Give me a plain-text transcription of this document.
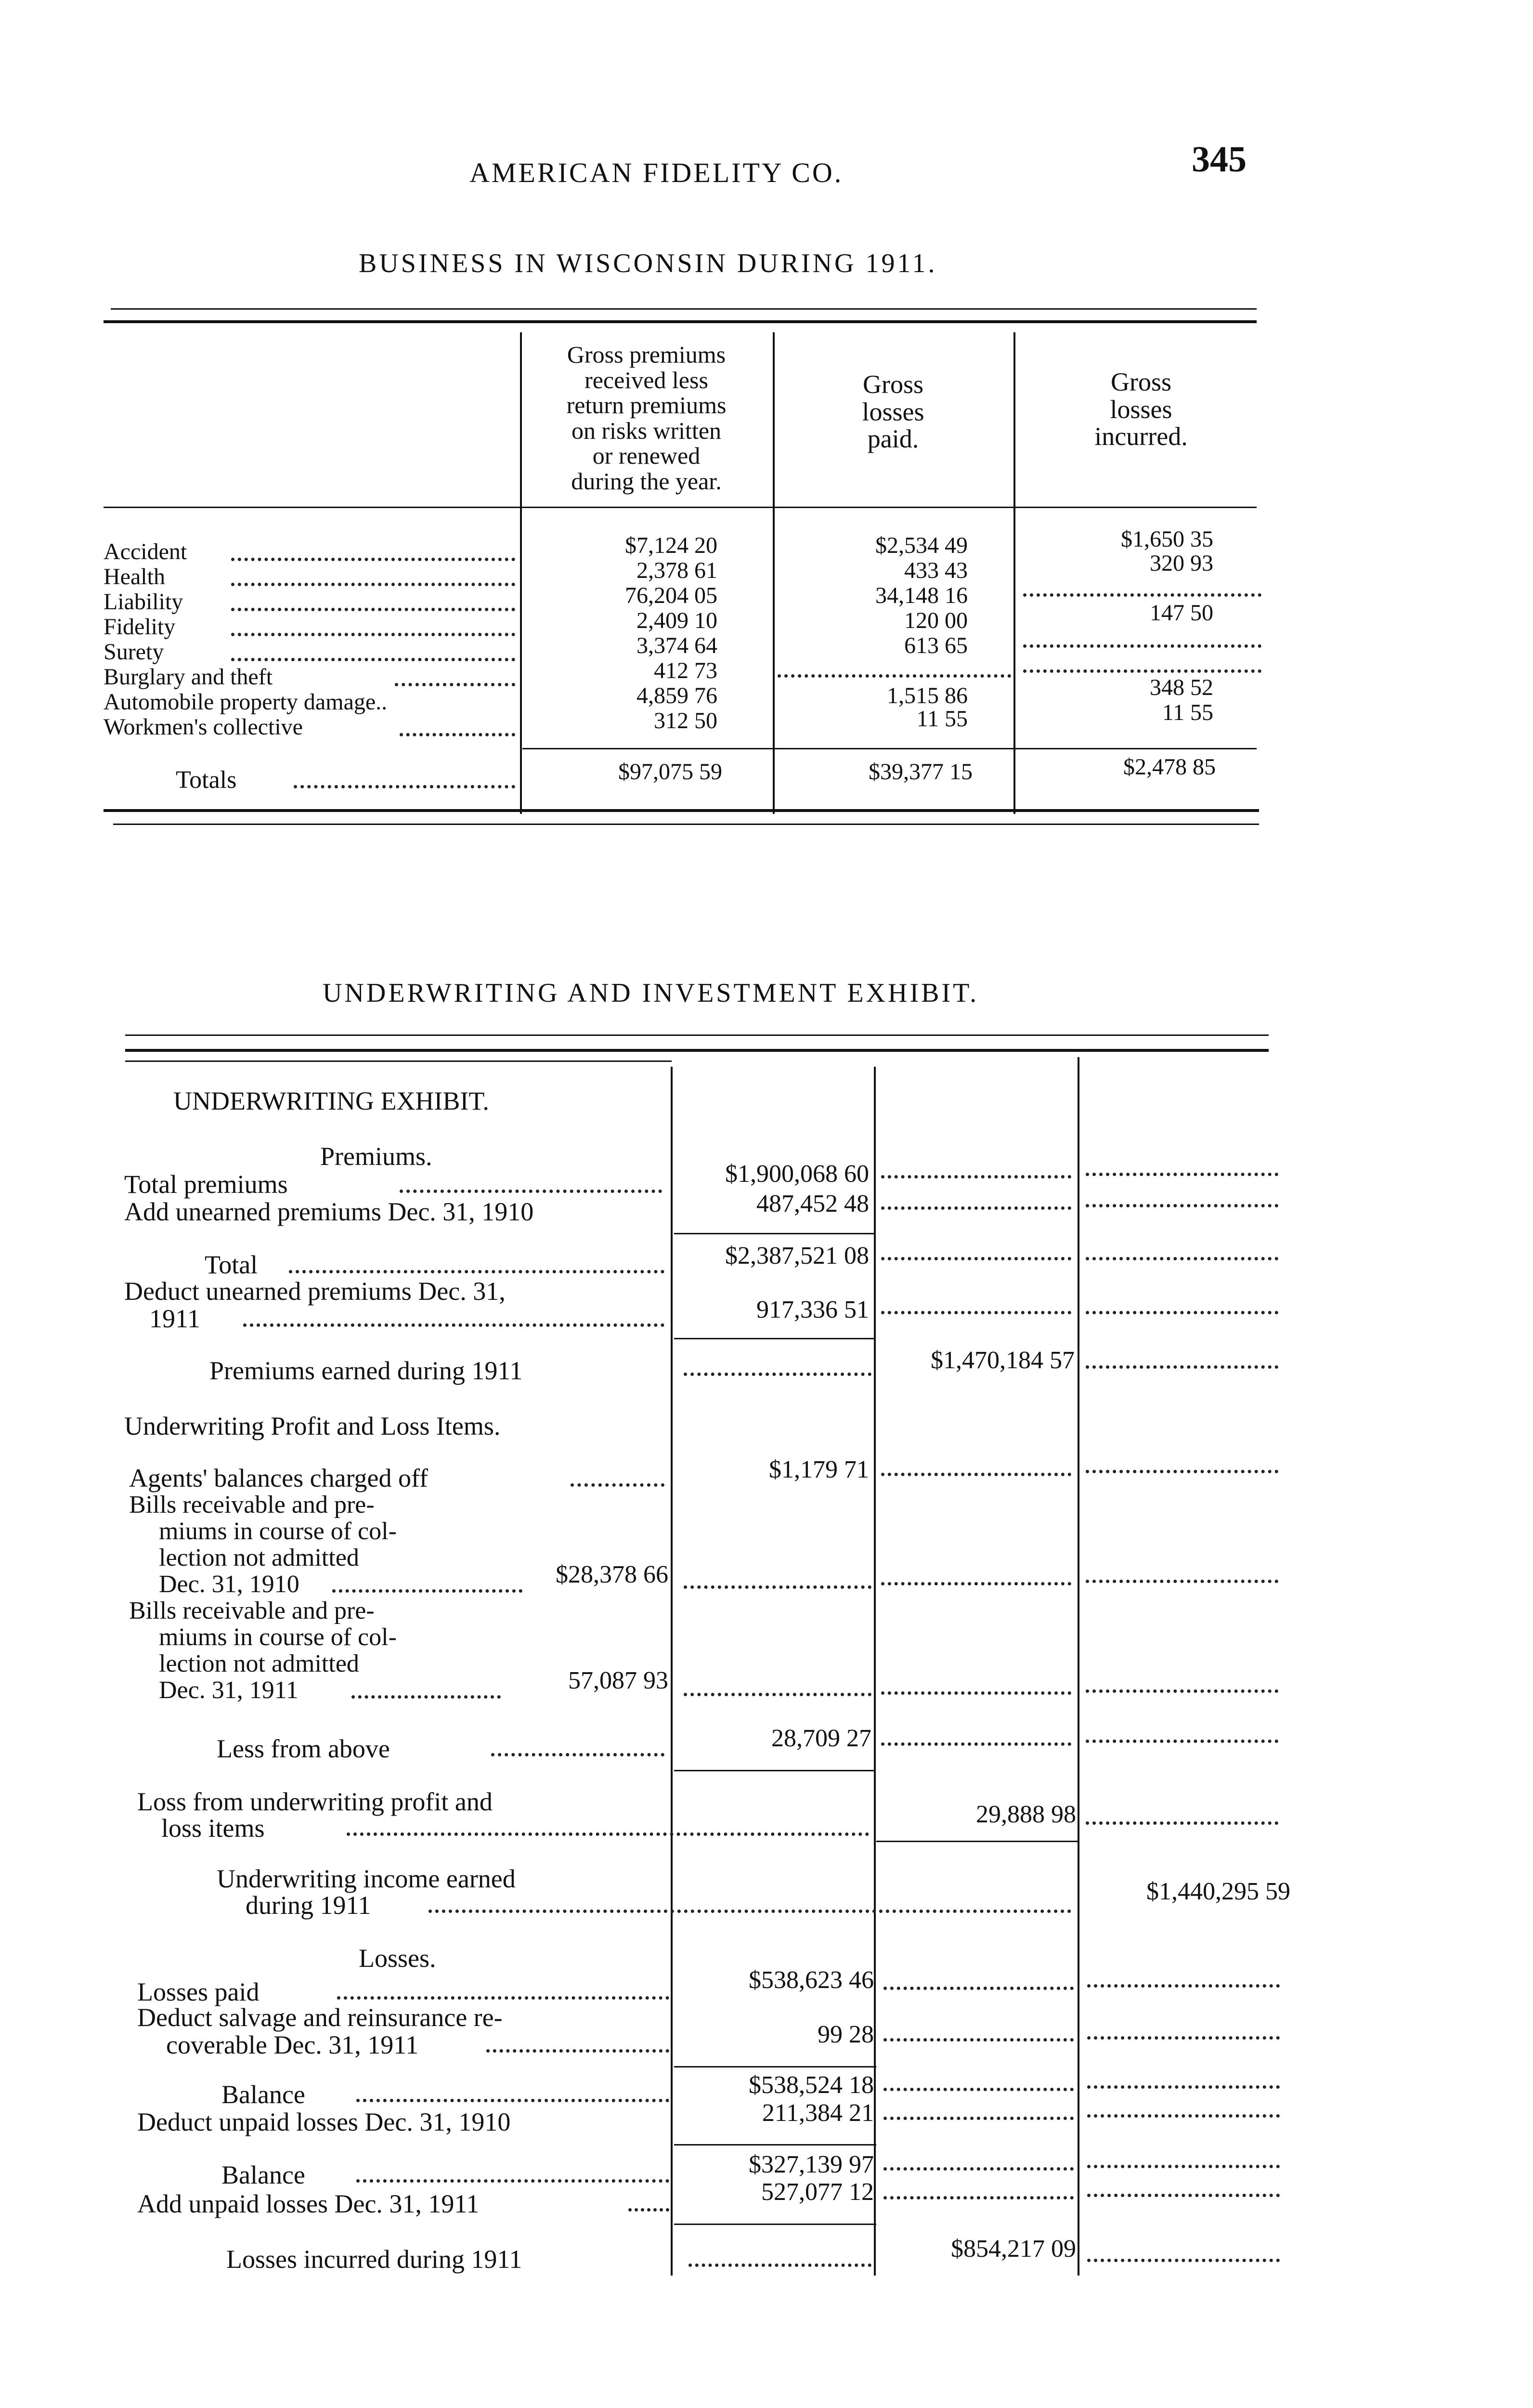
AMERICAN FIDELITY CO.	345
BUSINESS IN WISCONSIN DURING 1911.
Gross premiums
received less
return premiums
on risks written
or renewed
during the year.
Gross
losses
paid.
Gross
losses
incurred.
Accident	$7,124 20	$2,534 49	$1,650 35
Health	2,378 61	433 43	320 93
Liability	76,204 05	34,148 16
Fidelity	2,409 10	120 00	147 50
Surety	3,374 64	613 65
Burglary and theft	412 73
Automobile property damage..	4,859 76	1,515 86	348 52
Workmen's collective	312 50	11 55	11 55
Totals	$97,075 59	$39,377 15	$2,478 85
UNDERWRITING AND INVESTMENT EXHIBIT.
UNDERWRITING EXHIBIT.
Premiums.
Total premiums	$1,900,068 60
Add unearned premiums Dec. 31, 1910	487,452 48
Total	$2,387,521 08
Deduct unearned premiums Dec. 31,
1911	917,336 51
Premiums earned during 1911	$1,470,184 57
Underwriting Profit and Loss Items.
Agents' balances charged off	$1,179 71
Bills receivable and pre-
miums in course of col-
lection not admitted
Dec. 31, 1910	$28,378 66
Bills receivable and pre-
miums in course of col-
lection not admitted
Dec. 31, 1911	57,087 93
Less from above	28,709 27
Loss from underwriting profit and
loss items	29,888 98
Underwriting income earned
during 1911	$1,440,295 59
Losses.
Losses paid	$538,623 46
Deduct salvage and reinsurance re-
coverable Dec. 31, 1911	99 28
Balance	$538,524 18
Deduct unpaid losses Dec. 31, 1910	211,384 21
Balance	$327,139 97
Add unpaid losses Dec. 31, 1911	527,077 12
Losses incurred during 1911	$854,217 09
